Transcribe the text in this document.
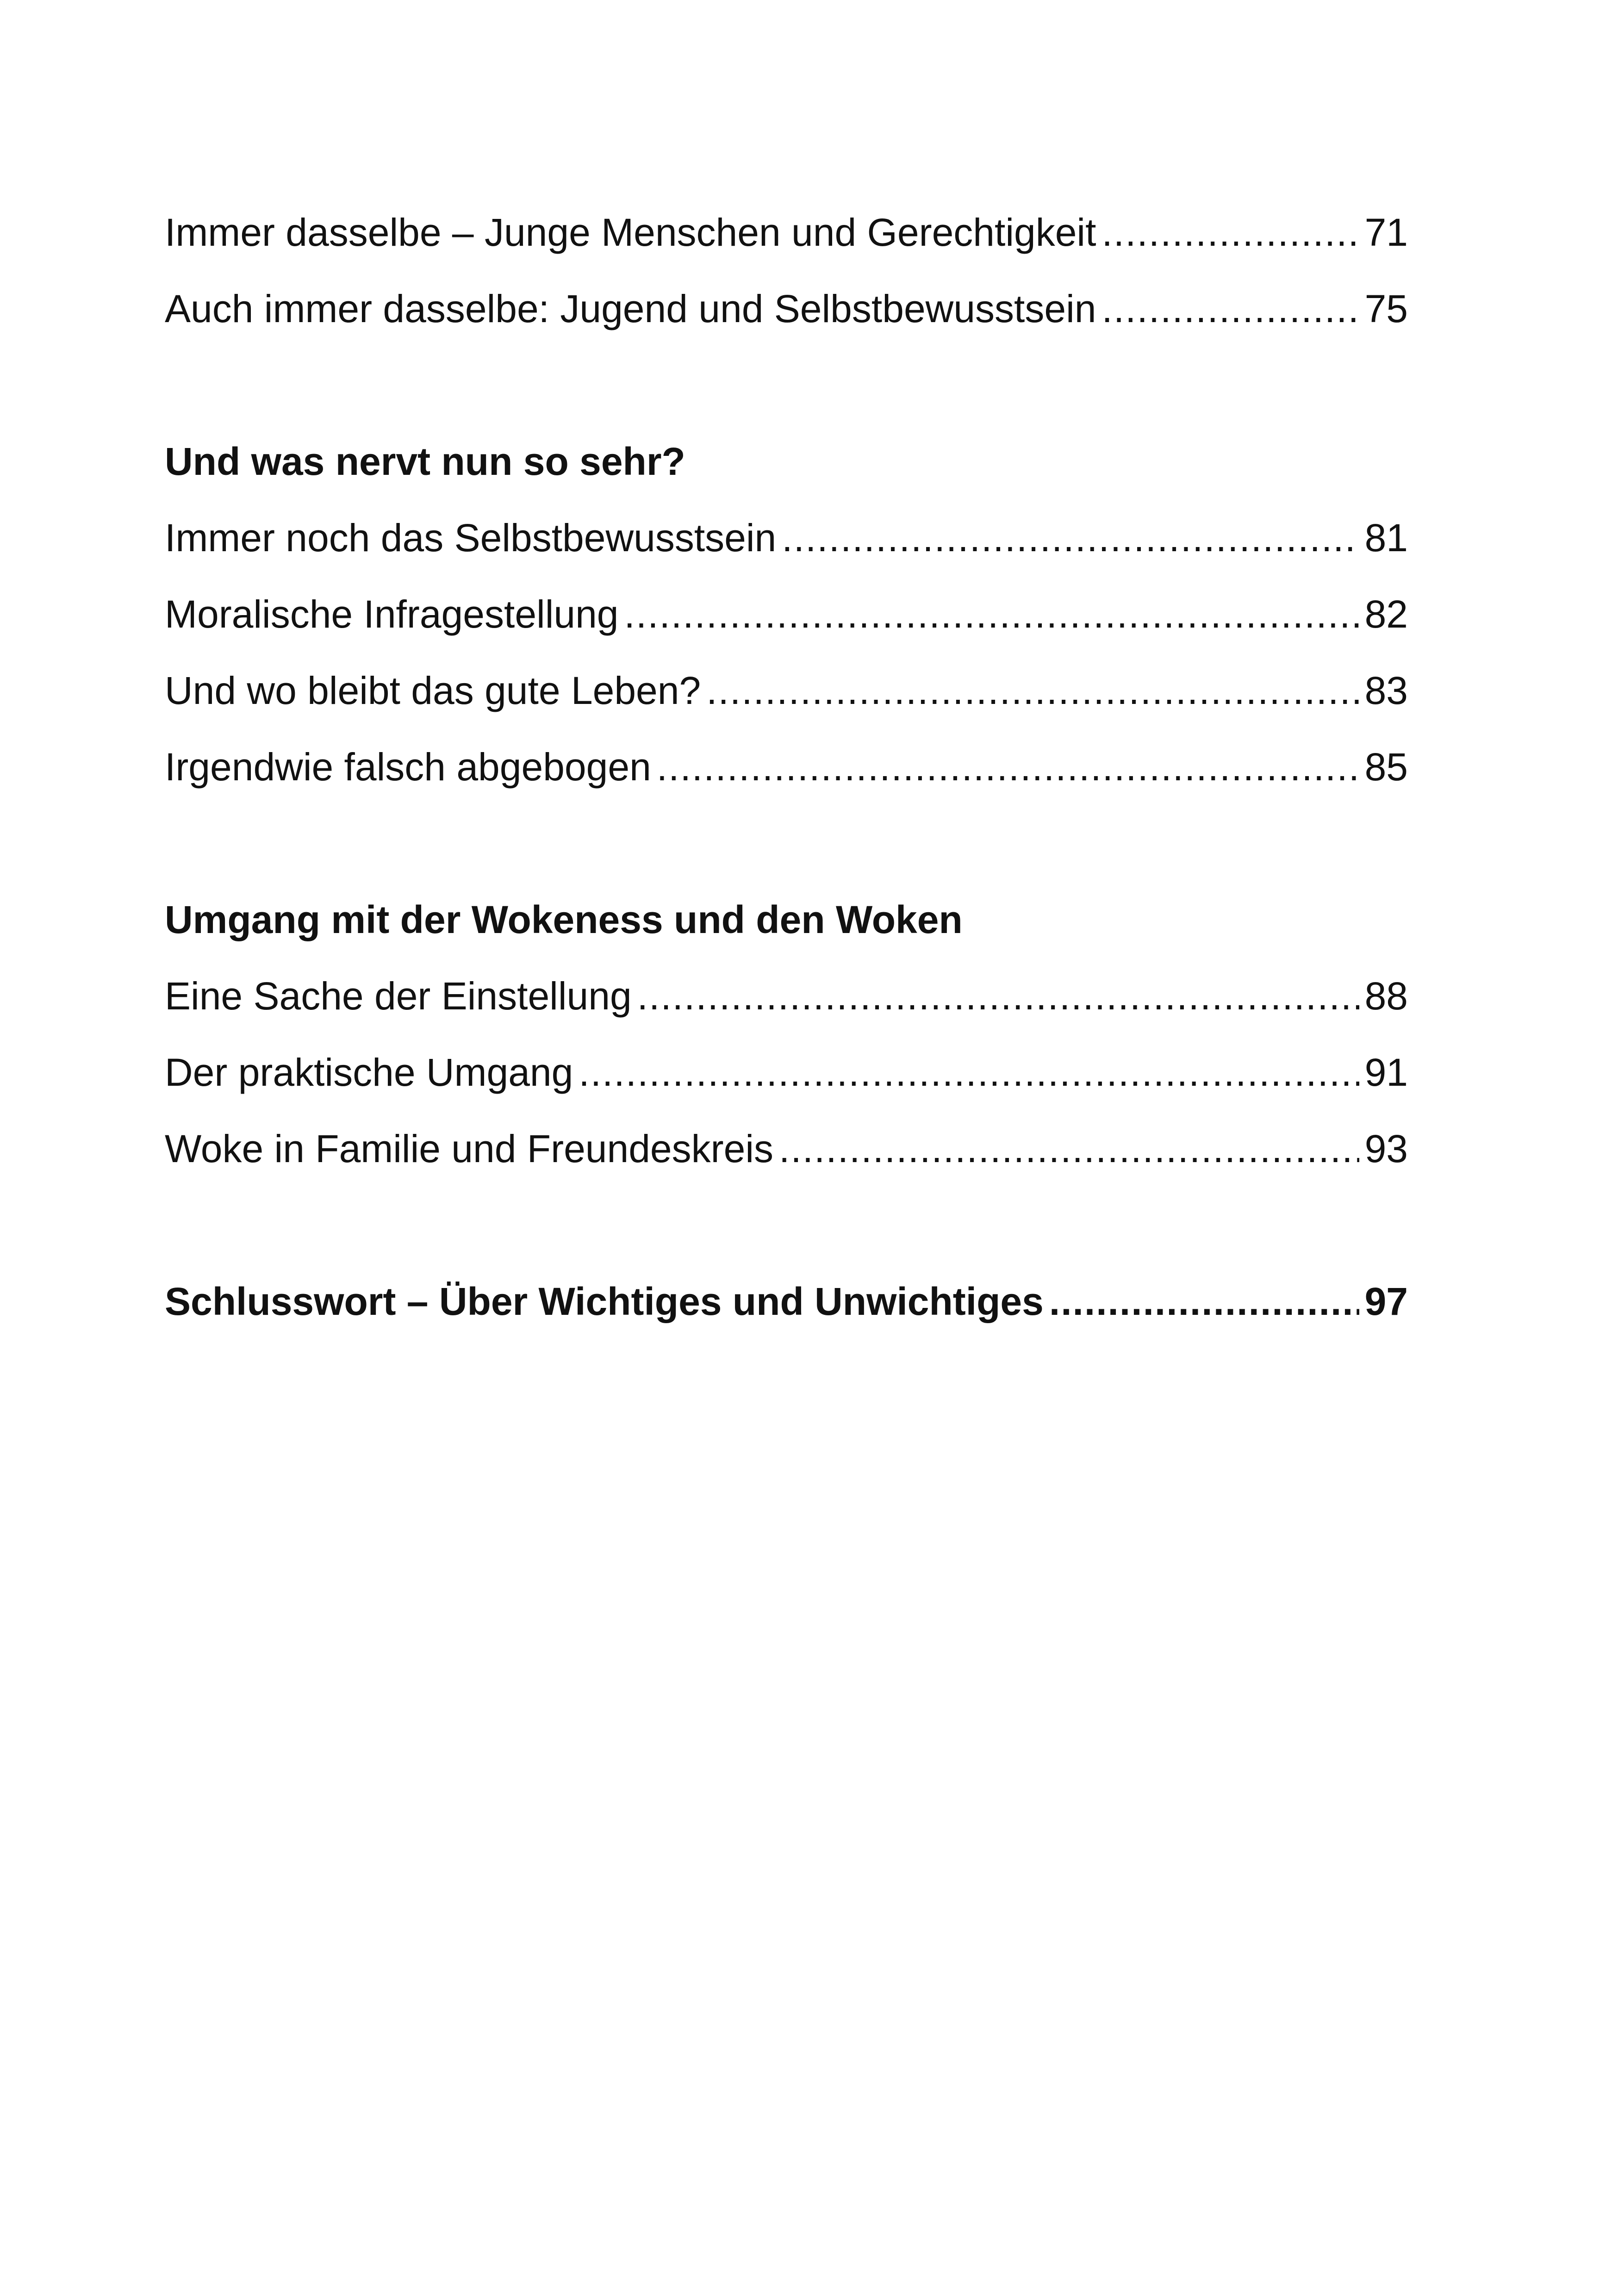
Immer dasselbe – Junge Menschen und Gerechtigkeit .....	71
Auch immer dasselbe: Jugend und Selbstbewusstsein .....	75
Und was nervt nun so sehr?
Immer noch das Selbstbewusstsein .....	81
Moralische Infragestellung .....	82
Und wo bleibt das gute Leben? .....	83
Irgendwie falsch abgebogen .....	85
Umgang mit der Wokeness und den Woken
Eine Sache der Einstellung .....	88
Der praktische Umgang .....	91
Woke in Familie und Freundeskreis .....	93
Schlusswort – Über Wichtiges und Unwichtiges .....	97
